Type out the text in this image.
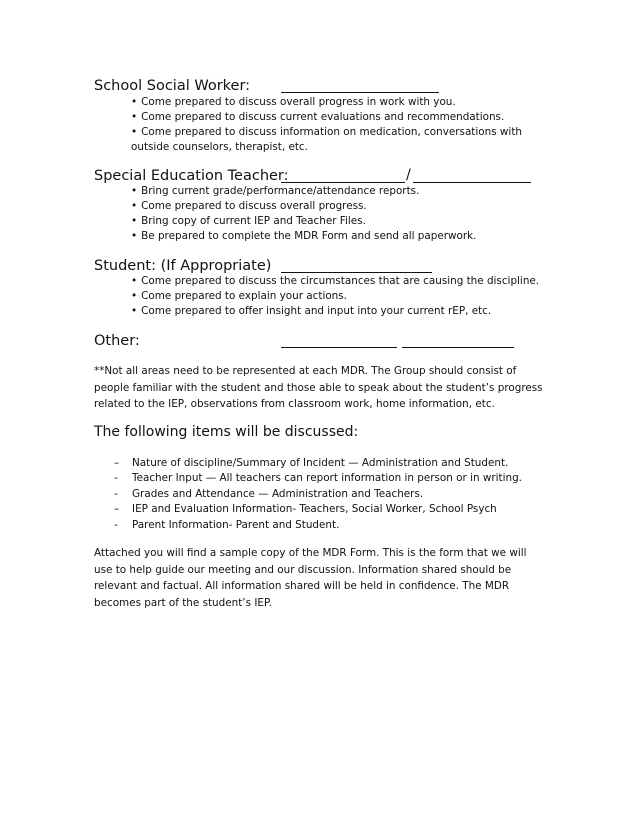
School Social Worker:
• Come prepared to discuss overall progress in work with you.
• Come prepared to discuss current evaluations and recommendations.
• Come prepared to discuss information on medication, conversations with outside counselors, therapist, etc.
Special Education Teacher:	/
• Bring current grade/performance/attendance reports.
• Come prepared to discuss overall progress.
• Bring copy of current IEP and Teacher Files.
• Be prepared to complete the MDR Form and send all paperwork.
Student: (If Appropriate)
• Come prepared to discuss the circumstances that are causing the discipline.
• Come prepared to explain your actions.
• Come prepared to offer insight and input into your current rEP, etc.
Other:

**Not all areas need to be represented at each MDR. The Group should consist of people familiar with the student and those able to speak about the student’s progress related to the IEP, observations from classroom work, home information, etc.

The following items will be discussed:
– Nature of discipline/Summary of Incident — Administration and Student.
- Teacher Input — All teachers can report information in person or in writing.
- Grades and Attendance — Administration and Teachers.
– IEP and Evaluation Information- Teachers, Social Worker, School Psych
- Parent Information- Parent and Student.

Attached you will find a sample copy of the MDR Form. This is the form that we will use to help guide our meeting and our discussion. Information shared should be relevant and factual. All information shared will be held in confidence. The MDR becomes part of the student’s IEP.
